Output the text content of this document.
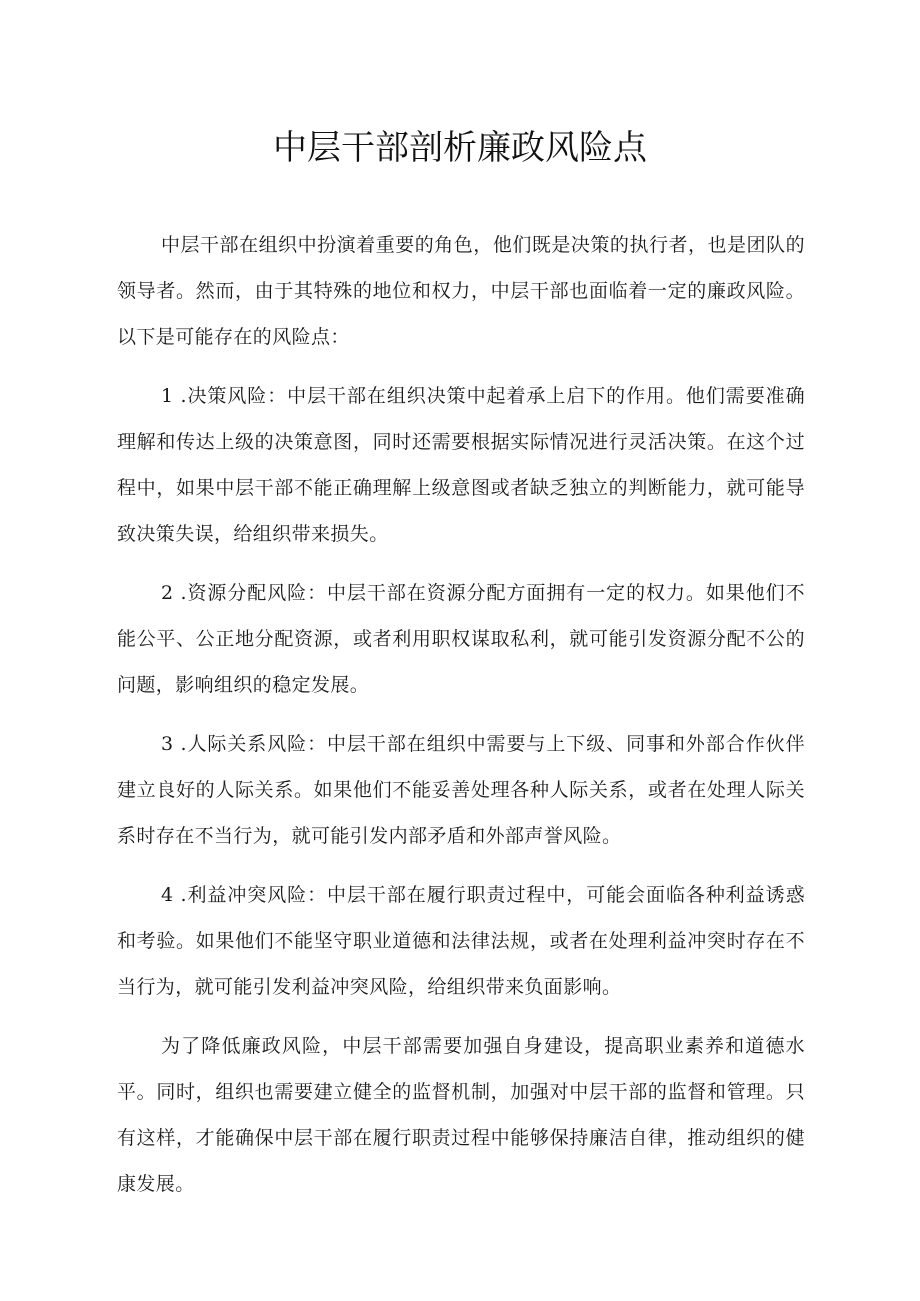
中层干部剖析廉政风险点

中层干部在组织中扮演着重要的角色，他们既是决策的执行者，也是团队的领导者。然而，由于其特殊的地位和权力，中层干部也面临着一定的廉政风险。以下是可能存在的风险点：

1 .决策风险：中层干部在组织决策中起着承上启下的作用。他们需要准确理解和传达上级的决策意图，同时还需要根据实际情况进行灵活决策。在这个过程中，如果中层干部不能正确理解上级意图或者缺乏独立的判断能力，就可能导致决策失误，给组织带来损失。

2 .资源分配风险：中层干部在资源分配方面拥有一定的权力。如果他们不能公平、公正地分配资源，或者利用职权谋取私利，就可能引发资源分配不公的问题，影响组织的稳定发展。

3 .人际关系风险：中层干部在组织中需要与上下级、同事和外部合作伙伴建立良好的人际关系。如果他们不能妥善处理各种人际关系，或者在处理人际关系时存在不当行为，就可能引发内部矛盾和外部声誉风险。

4 .利益冲突风险：中层干部在履行职责过程中，可能会面临各种利益诱惑和考验。如果他们不能坚守职业道德和法律法规，或者在处理利益冲突时存在不当行为，就可能引发利益冲突风险，给组织带来负面影响。

为了降低廉政风险，中层干部需要加强自身建设，提高职业素养和道德水平。同时，组织也需要建立健全的监督机制，加强对中层干部的监督和管理。只有这样，才能确保中层干部在履行职责过程中能够保持廉洁自律，推动组织的健康发展。
